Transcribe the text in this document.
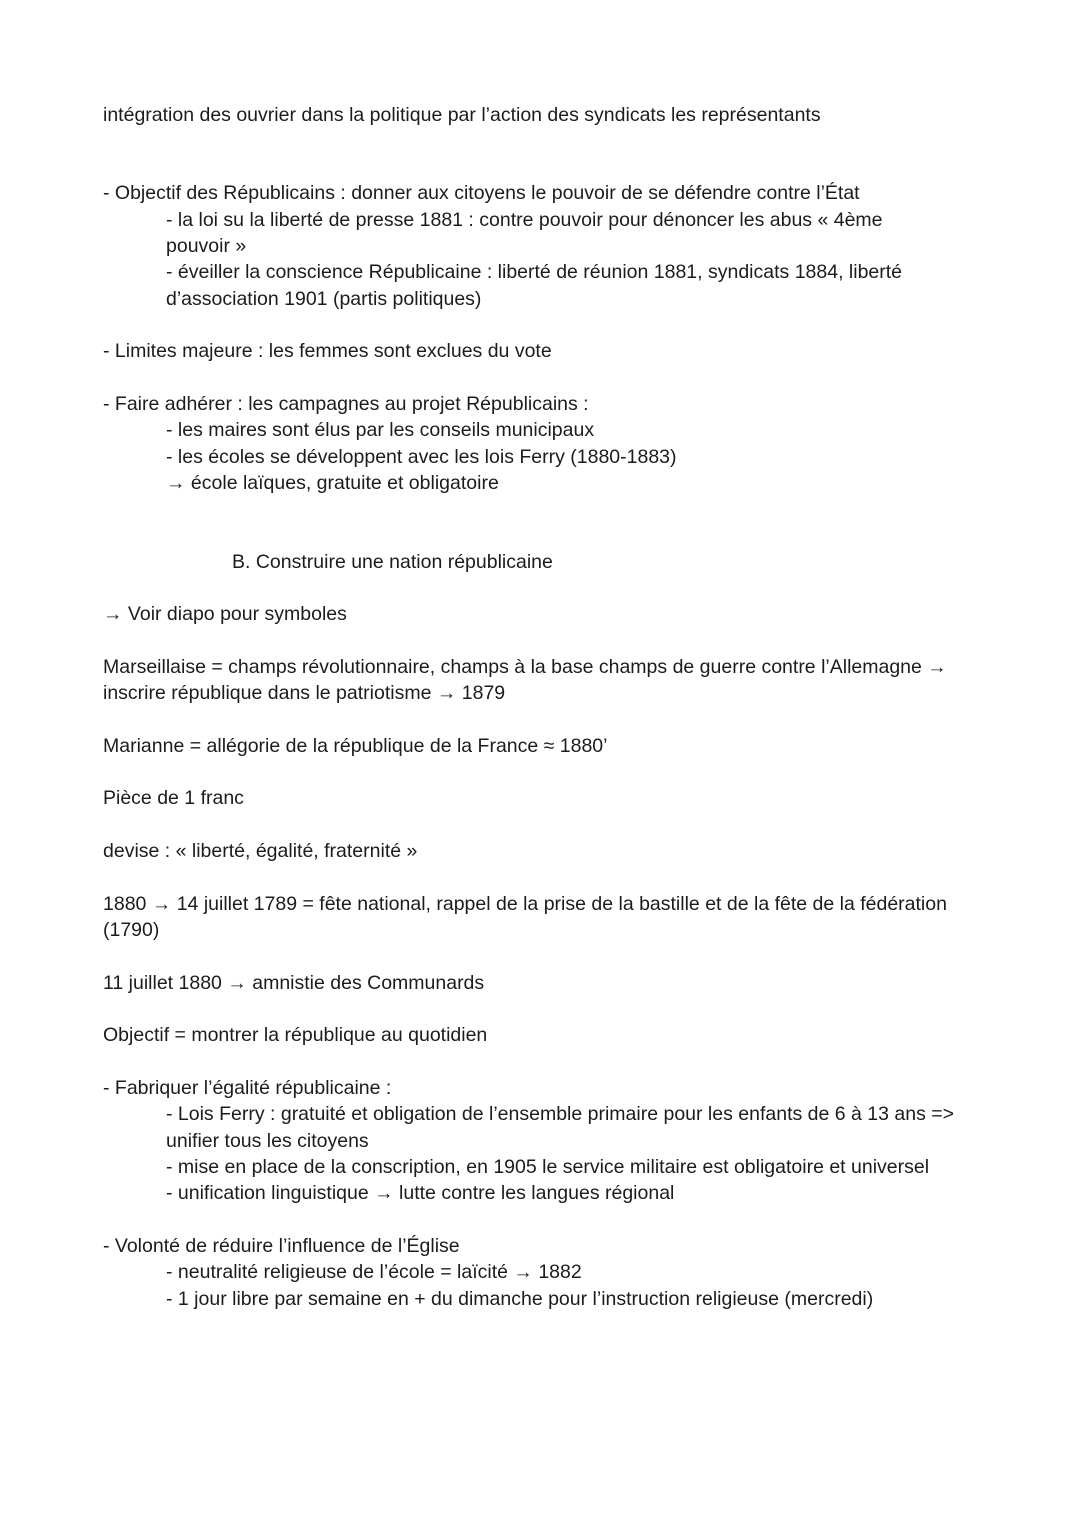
intégration des ouvrier dans la politique par l’action des syndicats les représentants
- Objectif des Républicains : donner aux citoyens le pouvoir de se défendre contre l’État
- la loi su la liberté de presse 1881 : contre pouvoir pour dénoncer les abus « 4ème
pouvoir »
- éveiller la conscience Républicaine : liberté de réunion 1881, syndicats 1884, liberté
d’association 1901 (partis politiques)
- Limites majeure : les femmes sont exclues du vote
- Faire adhérer : les campagnes au projet Républicains :
- les maires sont élus par les conseils municipaux
- les écoles se développent avec les lois Ferry (1880-1883)
→ école laïques, gratuite et obligatoire
B. Construire une nation républicaine
→ Voir diapo pour symboles
Marseillaise = champs révolutionnaire, champs à la base champs de guerre contre l’Allemagne →
inscrire république dans le patriotisme → 1879
Marianne = allégorie de la république de la France ≈ 1880’
Pièce de 1 franc
devise : « liberté, égalité, fraternité »
1880 → 14 juillet 1789 = fête national, rappel de la prise de la bastille et de la fête de la fédération
(1790)
11 juillet 1880 → amnistie des Communards
Objectif = montrer la république au quotidien
- Fabriquer l’égalité républicaine :
- Lois Ferry : gratuité et obligation de l’ensemble primaire pour les enfants de 6 à 13 ans =>
unifier tous les citoyens
- mise en place de la conscription, en 1905 le service militaire est obligatoire et universel
- unification linguistique → lutte contre les langues régional
- Volonté de réduire l’influence de l’Église
- neutralité religieuse de l’école = laïcité → 1882
- 1 jour libre par semaine en + du dimanche pour l’instruction religieuse (mercredi)
